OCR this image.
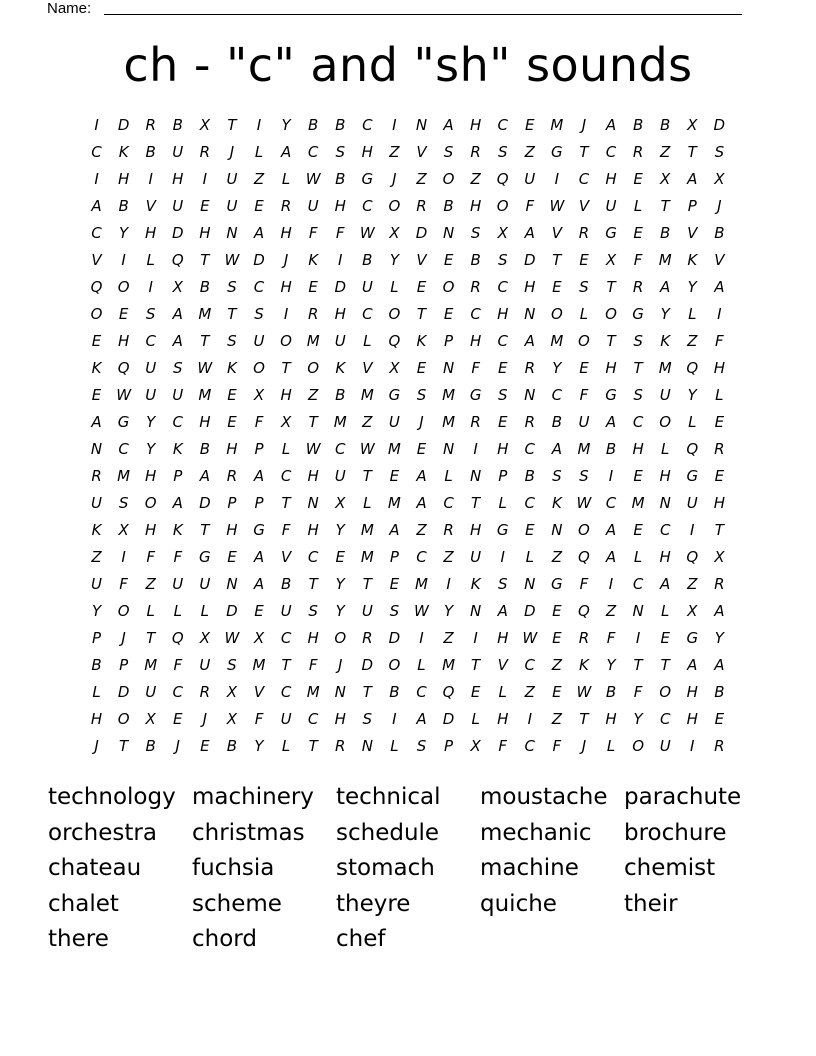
Name:
ch - "c" and "sh" sounds
I	D	R	B	X	T	I	Y	B	B	C	I	N	A	H	C	E	M	J	A	B	B	X	D
C	K	B	U	R	J	L	A	C	S	H	Z	V	S	R	S	Z	G	T	C	R	Z	T	S
I	H	I	H	I	U	Z	L	W B	G	J	Z	O	Z	Q	U	I	C	H	E	X	A	X
A	B	V	U	E	U	E	R	U	H	C	O	R	B	H	O	F	W V	U	L	T	P	J
C	Y	H	D	H	N	A	H	F	F	W X	D	N	S	X	A	V	R	G	E	B	V	B
V	I	L	Q	T	W D	J	K	I	B	Y	V	E	B	S	D	T	E	X	F	M	K	V
Q	O	I	X	B	S	C	H	E	D	U	L	E	O	R	C	H	E	S	T	R	A	Y	A
O	E	S	A	M	T	S	I	R	H	C	O	T	E	C	H	N	O	L	O	G	Y	L	I
E	H	C	A	T	S	U	O M	U	L	Q	K	P	H	C	A	M O	T	S	K	Z	F
K	Q	U	S W K	O	T	O	K	V	X	E	N	F	E	R	Y	E	H	T	M Q	H
E W U	U	M	E	X	H	Z	B	M G	S	M G	S	N	C	F	G	S	U	Y	L
A	G	Y	C	H	E	F	X	T	M	Z	U	J	M	R	E	R	B	U	A	C	O	L	E
N	C	Y	K	B	H	P	L	W C W M	E	N	I	H	C	A	M	B	H	L	Q	R
R	M H	P	A	R	A	C	H	U	T	E	A	L	N	P	B	S	S	I	E	H	G	E
U	S	O	A	D	P	P	T	N	X	L	M	A	C	T	L	C	K W C	M N	U	H
K	X	H	K	T	H	G	F	H	Y	M	A	Z	R	H	G	E	N	O	A	E	C	I	T
Z	I	F	F	G	E	A	V	C	E	M	P	C	Z	U	I	L	Z	Q	A	L	H	Q	X
U	F	Z	U	U	N	A	B	T	Y	T	E	M	I	K	S	N	G	F	I	C	A	Z	R
Y	O	L	L	L	D	E	U	S	Y	U	S W	Y	N	A	D	E	Q	Z	N	L	X	A
P	J	T	Q	X W X	C	H	O	R	D	I	Z	I	H W E	R	F	I	E	G	Y
B	P	M	F	U	S	M	T	F	J	D	O	L	M	T	V	C	Z	K	Y	T	T	A	A
L	D	U	C	R	X	V	C	M N	T	B	C	Q	E	L	Z	E W B	F	O	H	B
H	O	X	E	J	X	F	U	C	H	S	I	A	D	L	H	I	Z	T	H	Y	C	H	E
J	T	B	J	E	B	Y	L	T	R	N	L	S	P	X	F	C	F	J	L	O	U	I	R
technology machinery technical	moustache parachute
orchestra	christmas	schedule	mechanic	brochure
chateau	fuchsia	stomach	machine	chemist
chalet	scheme	theyre	quiche	their
there	chord	chef
